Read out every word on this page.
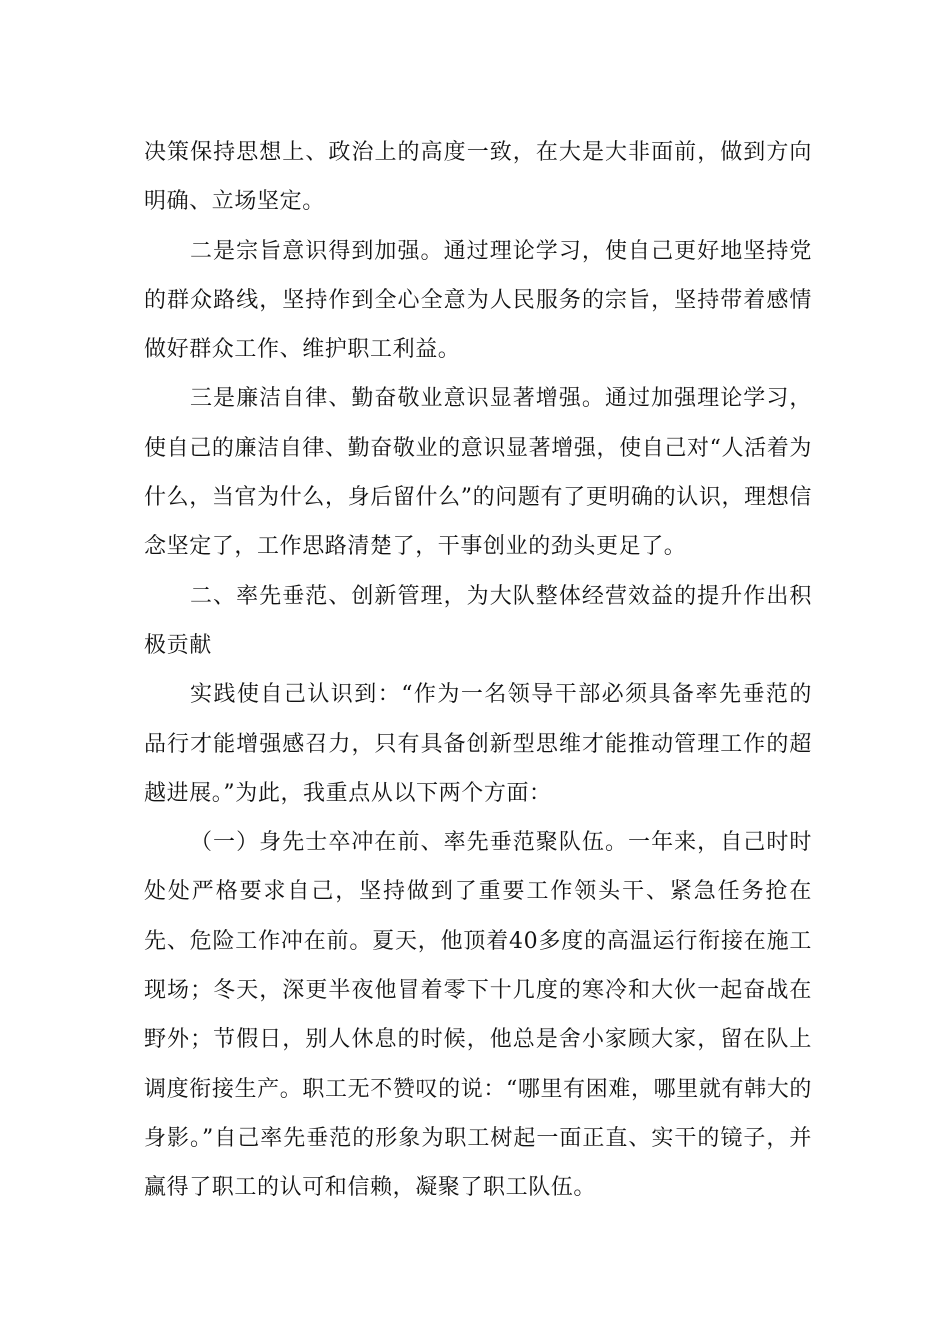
决策保持思想上、政治上的高度一致，在大是大非面前，做到方向明确、立场坚定。

二是宗旨意识得到加强。通过理论学习，使自己更好地坚持党的群众路线，坚持作到全心全意为人民服务的宗旨，坚持带着感情做好群众工作、维护职工利益。

三是廉洁自律、勤奋敬业意识显著增强。通过加强理论学习，使自己的廉洁自律、勤奋敬业的意识显著增强，使自己对“人活着为什么，当官为什么，身后留什么”的问题有了更明确的认识，理想信念坚定了，工作思路清楚了，干事创业的劲头更足了。

二、率先垂范、创新管理，为大队整体经营效益的提升作出积极贡献

实践使自己认识到：“作为一名领导干部必须具备率先垂范的品行才能增强感召力，只有具备创新型思维才能推动管理工作的超越进展。”为此，我重点从以下两个方面：

（一）身先士卒冲在前、率先垂范聚队伍。一年来，自己时时处处严格要求自己，坚持做到了重要工作领头干、紧急任务抢在先、危险工作冲在前。夏天，他顶着40多度的高温运行衔接在施工现场；冬天，深更半夜他冒着零下十几度的寒冷和大伙一起奋战在野外；节假日，别人休息的时候，他总是舍小家顾大家，留在队上调度衔接生产。职工无不赞叹的说：“哪里有困难，哪里就有韩大的身影。”自己率先垂范的形象为职工树起一面正直、实干的镜子，并赢得了职工的认可和信赖，凝聚了职工队伍。
